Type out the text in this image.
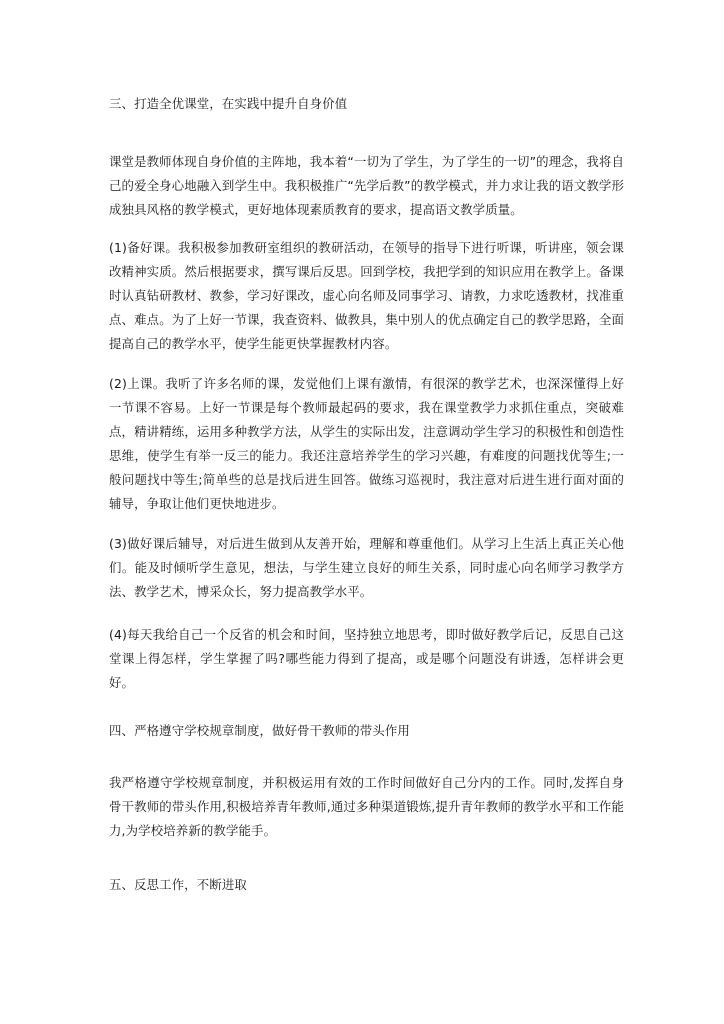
三、打造全优课堂，在实践中提升自身价值

课堂是教师体现自身价值的主阵地，我本着“一切为了学生，为了学生的一切”的理念，我将自己的爱全身心地融入到学生中。我积极推广“先学后教”的教学模式，并力求让我的语文教学形成独具风格的教学模式，更好地体现素质教育的要求，提高语文教学质量。

(1)备好课。我积极参加教研室组织的教研活动，在领导的指导下进行听课，听讲座，领会课改精神实质。然后根据要求，撰写课后反思。回到学校，我把学到的知识应用在教学上。备课时认真钻研教材、教参，学习好课改，虚心向名师及同事学习、请教，力求吃透教材，找准重点、难点。为了上好一节课，我查资料、做教具，集中别人的优点确定自己的教学思路，全面提高自己的教学水平，使学生能更快掌握教材内容。

(2)上课。我听了许多名师的课，发觉他们上课有激情，有很深的教学艺术，也深深懂得上好一节课不容易。上好一节课是每个教师最起码的要求，我在课堂教学力求抓住重点，突破难点，精讲精练，运用多种教学方法，从学生的实际出发，注意调动学生学习的积极性和创造性思维，使学生有举一反三的能力。我还注意培养学生的学习兴趣，有难度的问题找优等生;一般问题找中等生;简单些的总是找后进生回答。做练习巡视时，我注意对后进生进行面对面的辅导，争取让他们更快地进步。

(3)做好课后辅导，对后进生做到从友善开始，理解和尊重他们。从学习上生活上真正关心他们。能及时倾听学生意见，想法，与学生建立良好的师生关系，同时虚心向名师学习教学方法、教学艺术，博采众长，努力提高教学水平。

(4)每天我给自己一个反省的机会和时间，坚持独立地思考，即时做好教学后记，反思自己这堂课上得怎样，学生掌握了吗?哪些能力得到了提高，或是哪个问题没有讲透，怎样讲会更好。

四、严格遵守学校规章制度，做好骨干教师的带头作用

我严格遵守学校规章制度，并积极运用有效的工作时间做好自己分内的工作。同时,发挥自身骨干教师的带头作用,积极培养青年教师,通过多种渠道锻炼,提升青年教师的教学水平和工作能力,为学校培养新的教学能手。

五、反思工作，不断进取
